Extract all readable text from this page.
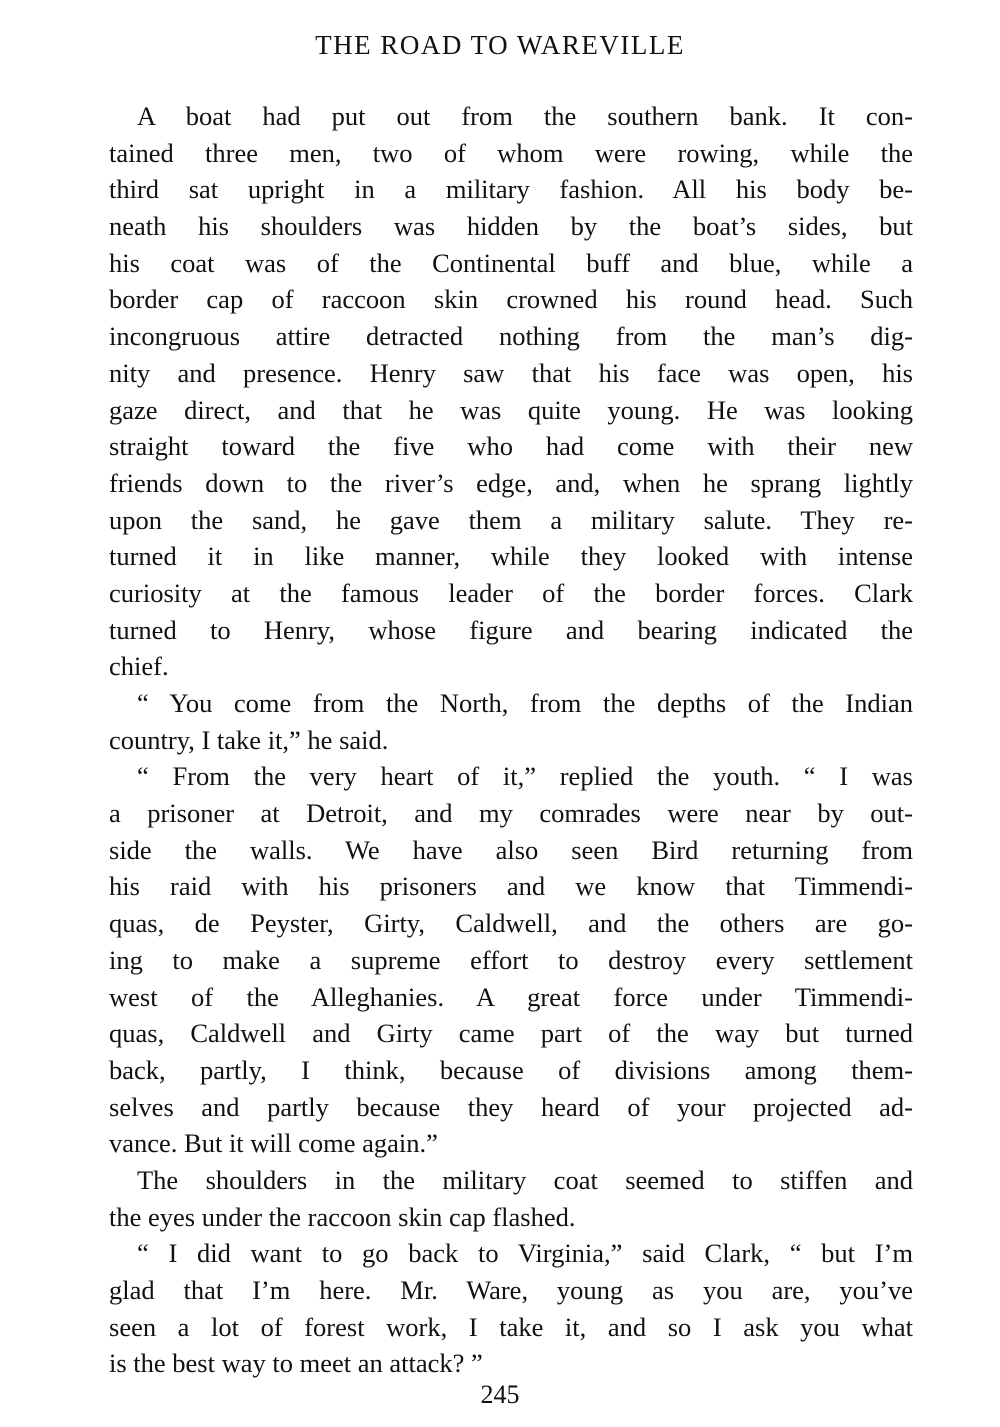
THE ROAD TO WAREVILLE
A boat had put out from the southern bank. It con-
tained three men, two of whom were rowing, while the
third sat upright in a military fashion. All his body be-
neath his shoulders was hidden by the boat’s sides, but
his coat was of the Continental buff and blue, while a
border cap of raccoon skin crowned his round head. Such
incongruous attire detracted nothing from the man’s dig-
nity and presence. Henry saw that his face was open, his
gaze direct, and that he was quite young. He was looking
straight toward the five who had come with their new
friends down to the river’s edge, and, when he sprang lightly
upon the sand, he gave them a military salute. They re-
turned it in like manner, while they looked with intense
curiosity at the famous leader of the border forces. Clark
turned to Henry, whose figure and bearing indicated the
chief.
“ You come from the North, from the depths of the Indian
country, I take it,” he said.
“ From the very heart of it,” replied the youth. “ I was
a prisoner at Detroit, and my comrades were near by out-
side the walls. We have also seen Bird returning from
his raid with his prisoners and we know that Timmendi-
quas, de Peyster, Girty, Caldwell, and the others are go-
ing to make a supreme effort to destroy every settlement
west of the Alleghanies. A great force under Timmendi-
quas, Caldwell and Girty came part of the way but turned
back, partly, I think, because of divisions among them-
selves and partly because they heard of your projected ad-
vance. But it will come again.”
The shoulders in the military coat seemed to stiffen and
the eyes under the raccoon skin cap flashed.
“ I did want to go back to Virginia,” said Clark, “ but I’m
glad that I’m here. Mr. Ware, young as you are, you’ve
seen a lot of forest work, I take it, and so I ask you what
is the best way to meet an attack? ”
245
